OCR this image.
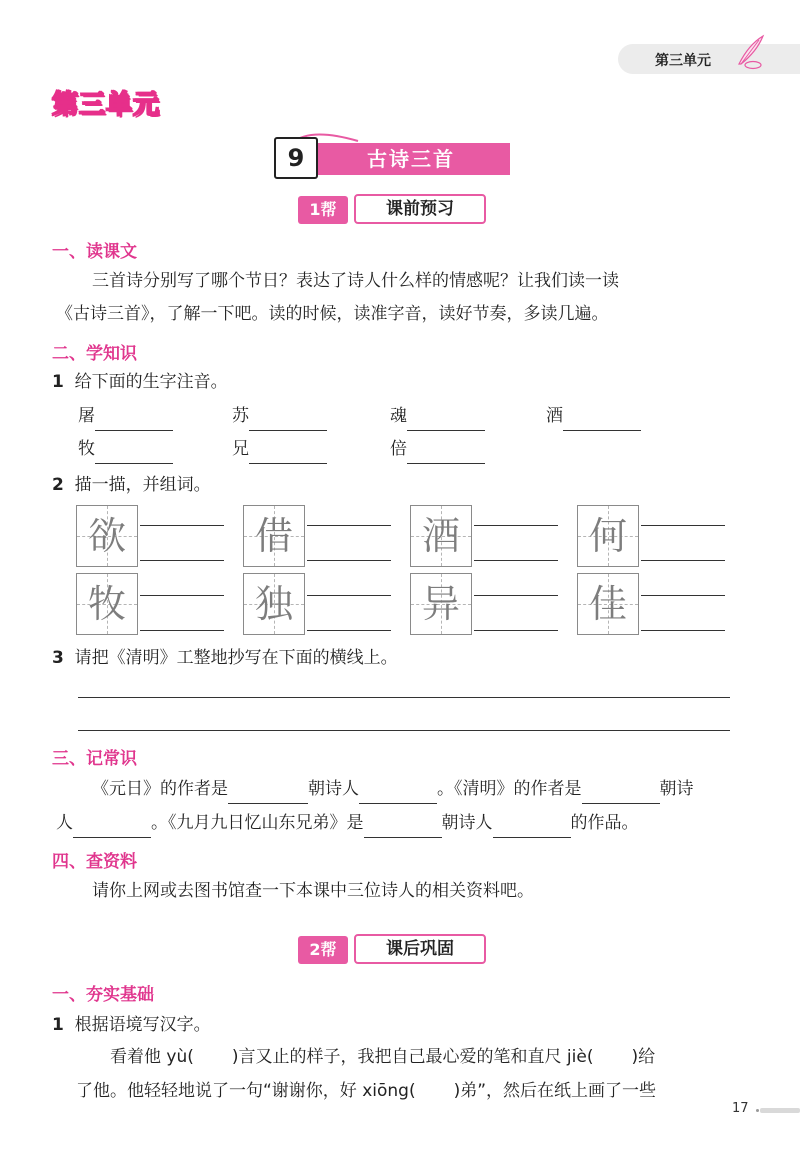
第三单元
第三单元
9	古诗三首
1帮	课前预习
一、读课文
三首诗分别写了哪个节日？表达了诗人什么样的情感呢？让我们读一读
《古诗三首》，了解一下吧。读的时候，读准字音，读好节奏，多读几遍。
二、学知识
1 给下面的生字注音。
屠	苏	魂	酒
牧	兄	倍
2 描一描，并组词。
欲	借	酒	何
牧	独	异	佳
3 请把《清明》工整地抄写在下面的横线上。
三、记常识
《元日》的作者是	朝诗人	。《清明》的作者是	朝诗
人	。《九月九日忆山东兄弟》是	朝诗人	的作品。
四、查资料
请你上网或去图书馆查一下本课中三位诗人的相关资料吧。
2帮	课后巩固
一、夯实基础
1 根据语境写汉字。
看着他 yù( )言又止的样子，我把自己最心爱的笔和直尺 jiè( )给
了他。他轻轻地说了一句“谢谢你，好 xiōng( )弟”，然后在纸上画了一些
17
